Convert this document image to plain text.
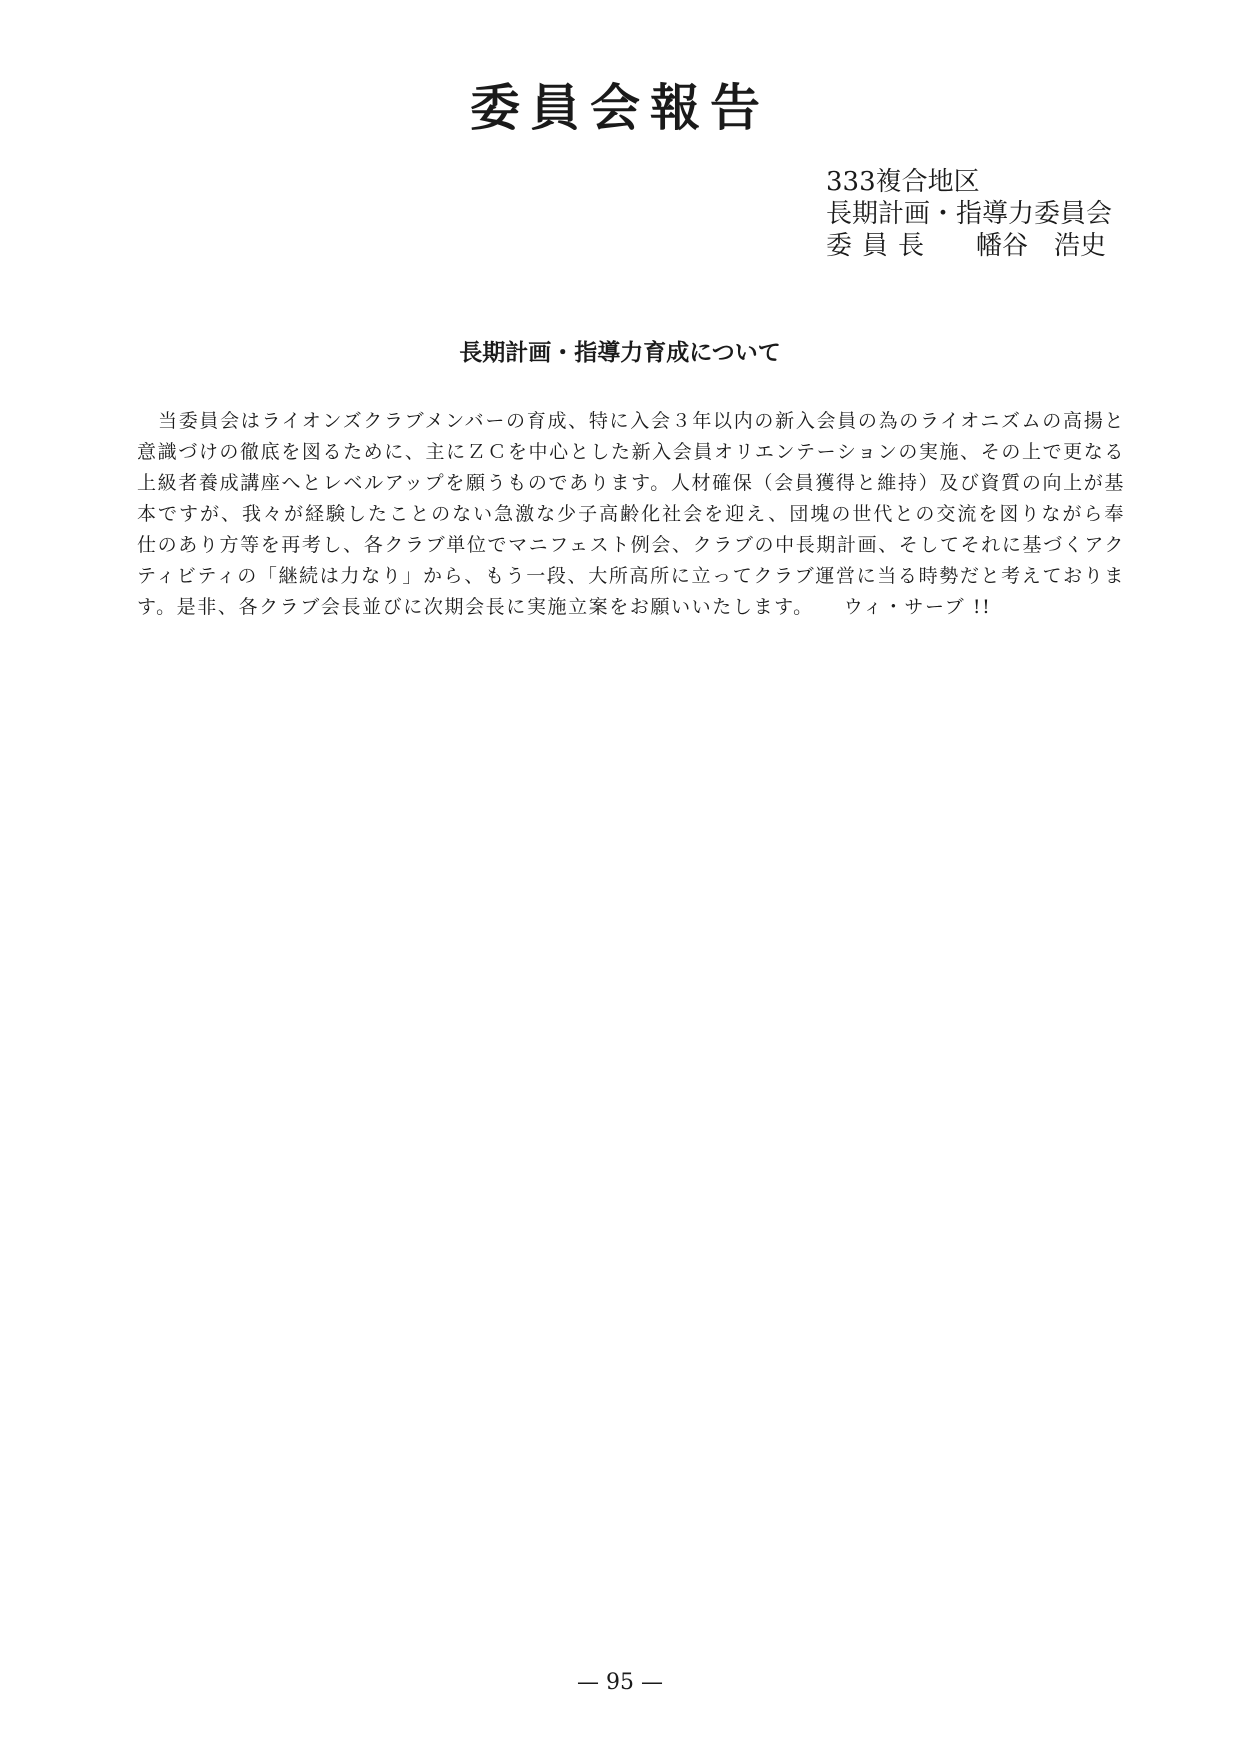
委員会報告
333複合地区
長期計画・指導力委員会
委員長 幡谷　浩史
長期計画・指導力育成について

当委員会はライオンズクラブメンバーの育成、特に入会３年以内の新入会員の為のライオニズムの高揚と意識づけの徹底を図るために、主にＺＣを中心とした新入会員オリエンテーションの実施、その上で更なる上級者養成講座へとレベルアップを願うものであります。人材確保（会員獲得と維持）及び資質の向上が基本ですが、我々が経験したことのない急激な少子高齢化社会を迎え、団塊の世代との交流を図りながら奉仕のあり方等を再考し、各クラブ単位でマニフェスト例会、クラブの中長期計画、そしてそれに基づくアクティビティの「継続は力なり」から、もう一段、大所高所に立ってクラブ運営に当る時勢だと考えております。是非、各クラブ会長並びに次期会長に実施立案をお願いいたします。 ウィ・サーブ !!

— 95 —
